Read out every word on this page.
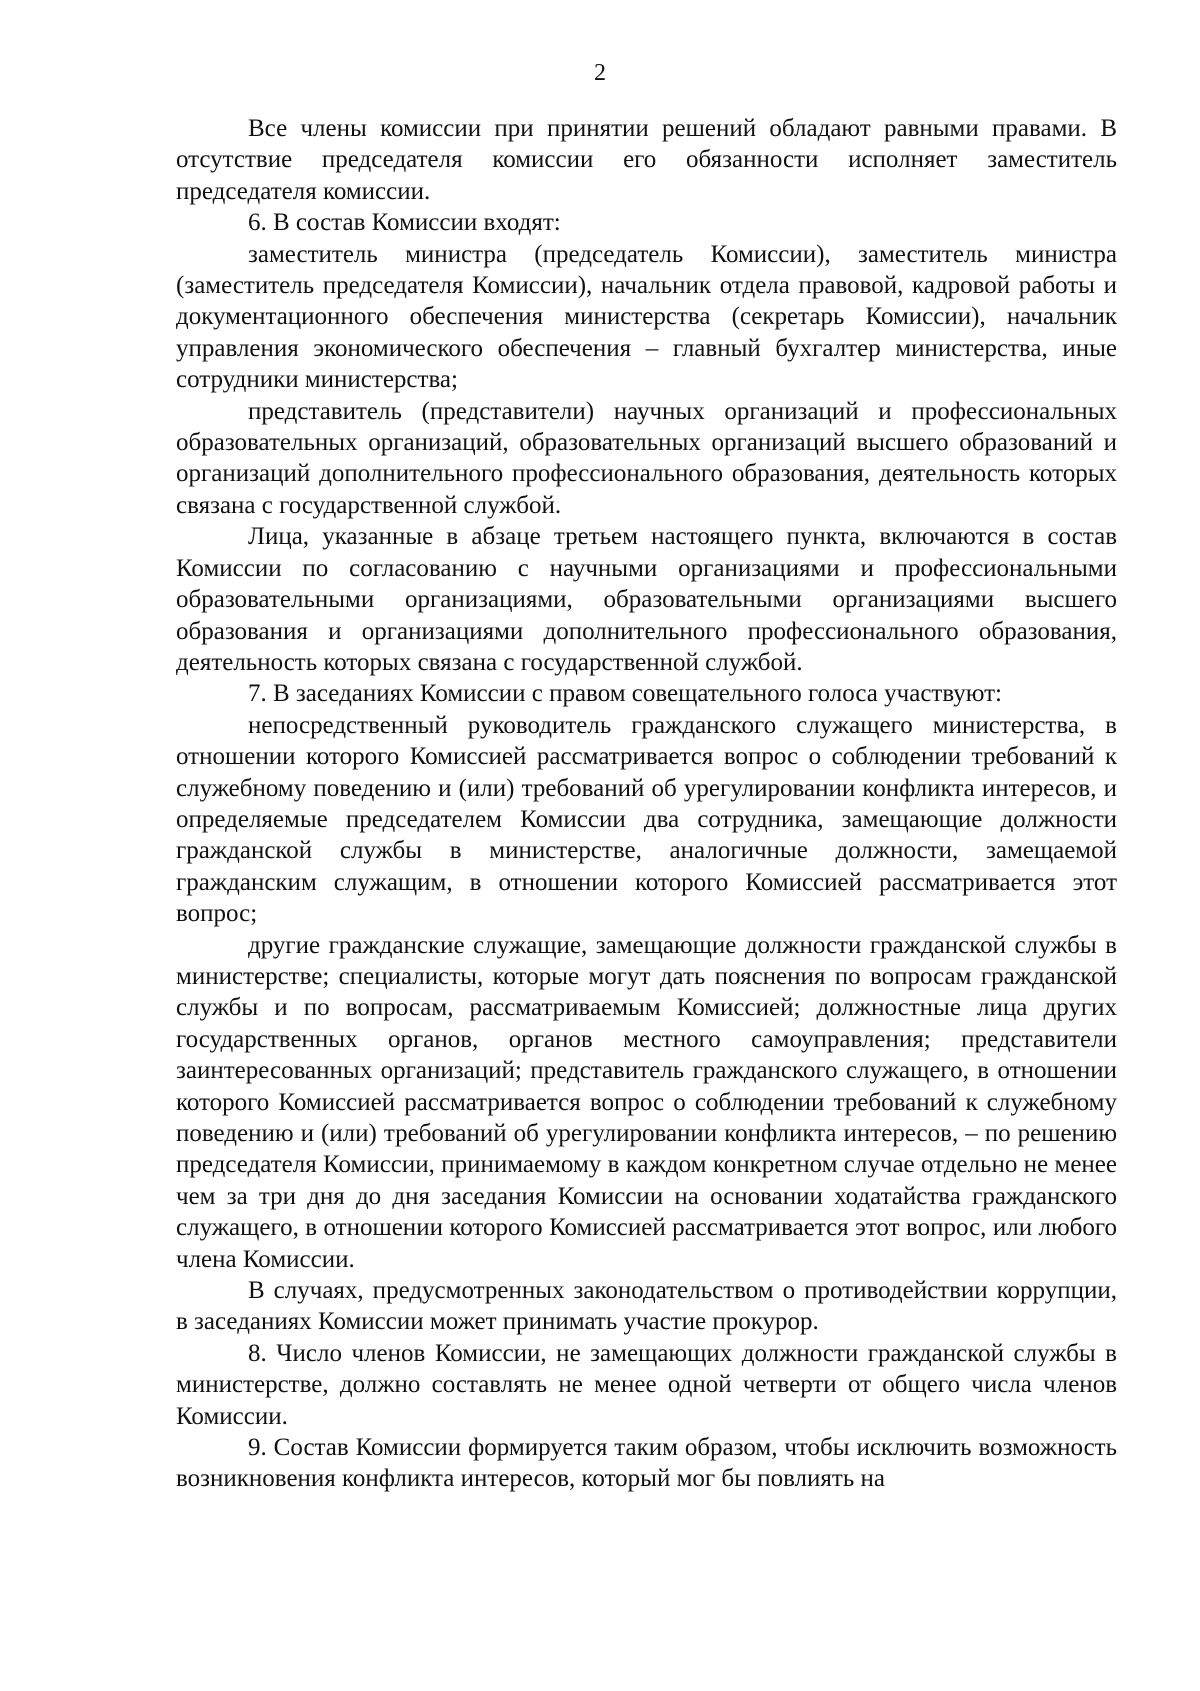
2

Все члены комиссии при принятии решений обладают равными правами. В отсутствие председателя комиссии его обязанности исполняет заместитель председателя комиссии.

6. В состав Комиссии входят:

заместитель министра (председатель Комиссии), заместитель министра (заместитель председателя Комиссии), начальник отдела правовой, кадровой работы и документационного обеспечения министерства (секретарь Комиссии), начальник управления экономического обеспечения – главный бухгалтер министерства, иные сотрудники министерства;

представитель (представители) научных организаций и профессиональных образовательных организаций, образовательных организаций высшего образований и организаций дополнительного профессионального образования, деятельность которых связана с государственной службой.

Лица, указанные в абзаце третьем настоящего пункта, включаются в состав Комиссии по согласованию с научными организациями и профессиональными образовательными организациями, образовательными организациями высшего образования и организациями дополнительного профессионального образования, деятельность которых связана с государственной службой.

7. В заседаниях Комиссии с правом совещательного голоса участвуют:

непосредственный руководитель гражданского служащего министерства, в отношении которого Комиссией рассматривается вопрос о соблюдении требований к служебному поведению и (или) требований об урегулировании конфликта интересов, и определяемые председателем Комиссии два сотрудника, замещающие должности гражданской службы в министерстве, аналогичные должности, замещаемой гражданским служащим, в отношении которого Комиссией рассматривается этот вопрос;

другие гражданские служащие, замещающие должности гражданской службы в министерстве; специалисты, которые могут дать пояснения по вопросам гражданской службы и по вопросам, рассматриваемым Комиссией; должностные лица других государственных органов, органов местного самоуправления; представители заинтересованных организаций; представитель гражданского служащего, в отношении которого Комиссией рассматривается вопрос о соблюдении требований к служебному поведению и (или) требований об урегулировании конфликта интересов, – по решению председателя Комиссии, принимаемому в каждом конкретном случае отдельно не менее чем за три дня до дня заседания Комиссии на основании ходатайства гражданского служащего, в отношении которого Комиссией рассматривается этот вопрос, или любого члена Комиссии.

В случаях, предусмотренных законодательством о противодействии коррупции, в заседаниях Комиссии может принимать участие прокурор.

8. Число членов Комиссии, не замещающих должности гражданской службы в министерстве, должно составлять не менее одной четверти от общего числа членов Комиссии.

9. Состав Комиссии формируется таким образом, чтобы исключить возможность возникновения конфликта интересов, который мог бы повлиять на
